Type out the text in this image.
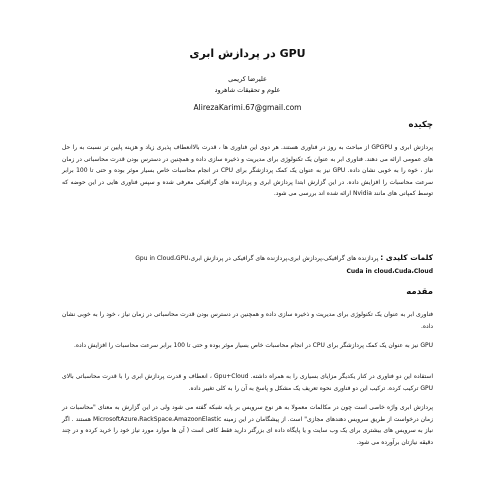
GPU در پردازش ابری
علیرضا کریمی
علوم و تحقیقات شاهرود
AlirezaKarimi.67@gmail.com
چکیده
پردازش ابری و GPGPU از مباحث به روز در فناوری هستند. هر دوی این فناوری ها ، قدرت بالاانعطاف پذیری زیاد و هزینه پایین تر نسبت به را حل های عمومی ارائه می دهند. فناوری ابر به عنوان یک تکنولوژی برای مدیریت و ذخیره سازی داده و همچنین در دسترس بودن قدرت محاسباتی در زمان نیاز ، خوه را به خوبی نشان داده. GPU نیز به عنوان یک کمک پردازشگر برای CPU در انجام محاسبات خاص بسیار موثر بوده و حتی تا 100 برابر سرعت محاسبات را افزایش داده. در این گزارش ابتدا پردازش ابری و پردازنده های گرافیکی معرفی شده و سپس فناوری هایی در این حوضه که توسط کمپانی های مانند Nvidia ارائه شده اند بررسی می شود.
کلمات کلیدی : پردازنده های گرافیکی،پردازش ابری،پردازنده های گرافیکی در پردازش ابری،Gpu in Cloud،GPU
Cuda in cloud،Cuda،Cloud
مقدمه
فناوری ابر به عنوان یک تکنولوژی برای مدیریت و ذخیره سازی داده و همچنین در دسترس بودن قدرت محاسباتی در زمان نیاز ، خود را به خوبی نشان داده.
GPU نیز به عنوان یک کمک پردازشگر برای CPU در انجام محاسبات خاص بسیار موثر بوده و حتی تا 100 برابر سرعت محاسبات را افزایش داده.
استفاده این دو فناوری در کنار یکدیگر مزایای بسیاری را به همراه داشته. Gpu+Cloud ، انعطاف و قدرت پردازش ابری را با قدرت محاسباتی بالای GPU ترکیب کرده. ترکیب این دو فناوری نحوه تعریف یک مشکل و پاسخ به آن را به کلی تغییر داده.
پردازش ابری واژه خاصی است چون در مکالمات معمولا به هر نوع سرویس بر پایه شبکه گفته می شود ولی در این گزارش به معنای "محاسبات در زمان درخواست از طریق سرویس دهندهای مجازی" است. از پیشگامان در این زمینه MicrosoftAzure،RackSpace،AmazoonElastic هستند . اگر نیاز به سرویس های بیشتری برای یک وب سایت و یا پایگاه داده ای بزرگتر دارید فقط کافی است ( آن ها موارد مورد نیاز خود را خرید کرده و در چند دقیقه نیازتان برآورده می شود.
